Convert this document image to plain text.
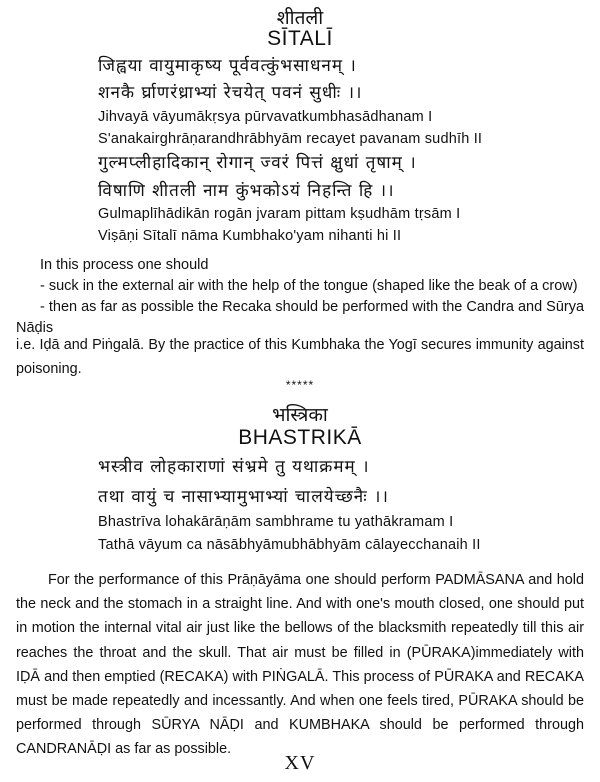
शीतली
SĪTALĪ
जिह्वया वायुमाकृष्य पूर्ववत्कुंभसाधनम् ।
शनकै र्घ्राणरंध्राभ्यां रेचयेत् पवनं सुधीः ।।
Jihvayā vāyumākṛsya pūrvavatkumbhasādhanam I
S'anakairghrāṇarandhrābhyām recayet pavanam sudhīh II
गुल्मप्लीहादिकान् रोगान् ज्वरं पित्तं क्षुधां तृषाम् ।
विषाणि शीतली नाम कुंभकोऽयं निहन्ति हि ।।
Gulmaplīhādikān rogān jvaram pittam kṣudhām tṛsām I
Viṣāṇi Sītalī nāma Kumbhako'yam nihanti hi II
In this process one should
- suck in the external air with the help of the tongue (shaped like the beak of a crow)
- then as far as possible the Recaka should be performed with the Candra and Sūrya
Nāḍis
i.e. Iḍā and Piṅgalā. By the practice of this Kumbhaka the Yogī secures immunity against poisoning.
*****
भस्त्रिका
BHASTRIKĀ
भस्त्रीव लोहकाराणां संभ्रमे तु यथाक्रमम् ।
तथा वायुं च नासाभ्यामुभाभ्यां चालयेच्छनैः ।।
Bhastrīva lohakārāṇām sambhrame tu yathākramam I
Tathā vāyum ca nāsābhyāmubhābhyām cālayecchanaih II
For the performance of this Prāṇāyāma one should perform PADMĀSANA and hold the neck and the stomach in a straight line. And with one's mouth closed, one should put in motion the internal vital air just like the bellows of the blacksmith repeatedly till this air reaches the throat and the skull. That air must be filled in (PŪRAKA)immediately with IḌĀ and then emptied (RECAKA) with PIṄGALĀ. This process of PŪRAKA and RECAKA must be made repeatedly and incessantly. And when one feels tired, PŪRAKA should be performed through SŪRYA NĀḌI and KUMBHAKA should be performed through CANDRANĀḌI as far as possible.
XV
